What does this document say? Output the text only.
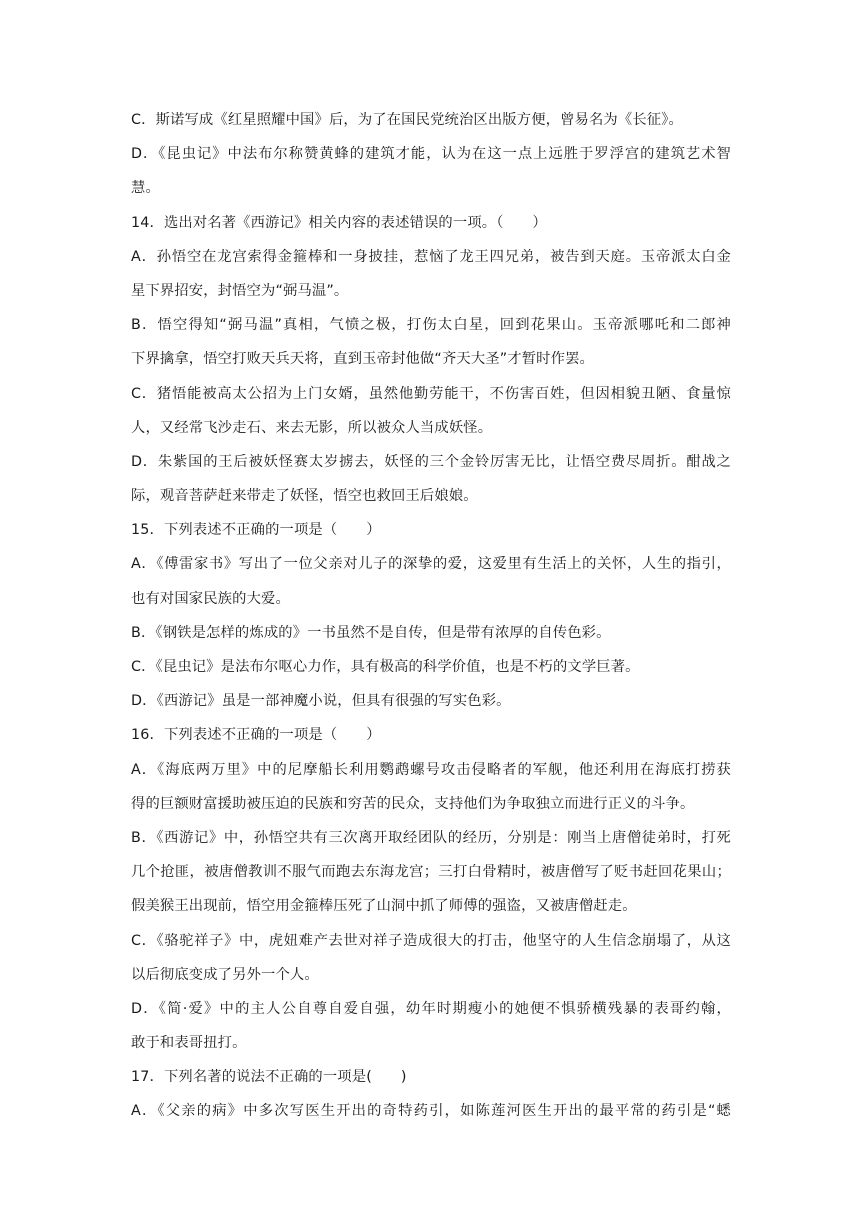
C．斯诺写成《红星照耀中国》后，为了在国民党统治区出版方便，曾易名为《长征》。
D．《昆虫记》中法布尔称赞黄蜂的建筑才能，认为在这一点上远胜于罗浮宫的建筑艺术智
慧。
14．选出对名著《西游记》相关内容的表述错误的一项。（　　）
A．孙悟空在龙宫索得金箍棒和一身披挂，惹恼了龙王四兄弟，被告到天庭。玉帝派太白金
星下界招安，封悟空为“弼马温”。
B．悟空得知“弼马温”真相，气愤之极，打伤太白星，回到花果山。玉帝派哪吒和二郎神
下界擒拿，悟空打败天兵天将，直到玉帝封他做“齐天大圣”才暂时作罢。
C．猪悟能被高太公招为上门女婿，虽然他勤劳能干，不伤害百姓，但因相貌丑陋、食量惊
人，又经常飞沙走石、来去无影，所以被众人当成妖怪。
D．朱紫国的王后被妖怪赛太岁掳去，妖怪的三个金铃厉害无比，让悟空费尽周折。酣战之
际，观音菩萨赶来带走了妖怪，悟空也救回王后娘娘。
15．下列表述不正确的一项是（　　）
A．《傅雷家书》写出了一位父亲对儿子的深挚的爱，这爱里有生活上的关怀，人生的指引，
也有对国家民族的大爱。
B．《钢铁是怎样的炼成的》一书虽然不是自传，但是带有浓厚的自传色彩。
C．《昆虫记》是法布尔呕心力作，具有极高的科学价值，也是不朽的文学巨著。
D．《西游记》虽是一部神魔小说，但具有很强的写实色彩。
16．下列表述不正确的一项是（　　）
A．《海底两万里》中的尼摩船长利用鹦鹉螺号攻击侵略者的军舰，他还利用在海底打捞获
得的巨额财富援助被压迫的民族和穷苦的民众，支持他们为争取独立而进行正义的斗争。
B．《西游记》中，孙悟空共有三次离开取经团队的经历，分别是：刚当上唐僧徒弟时，打死
几个抢匪，被唐僧教训不服气而跑去东海龙宫；三打白骨精时，被唐僧写了贬书赶回花果山；
假美猴王出现前，悟空用金箍棒压死了山洞中抓了师傅的强盗，又被唐僧赶走。
C．《骆驼祥子》中，虎妞难产去世对祥子造成很大的打击，他坚守的人生信念崩塌了，从这
以后彻底变成了另外一个人。
D．《简·爱》中的主人公自尊自爱自强，幼年时期瘦小的她便不惧骄横残暴的表哥约翰，
敢于和表哥扭打。
17．下列名著的说法不正确的一项是(　　)
A．《父亲的病》中多次写医生开出的奇特药引，如陈莲河医生开出的最平常的药引是“蟋
